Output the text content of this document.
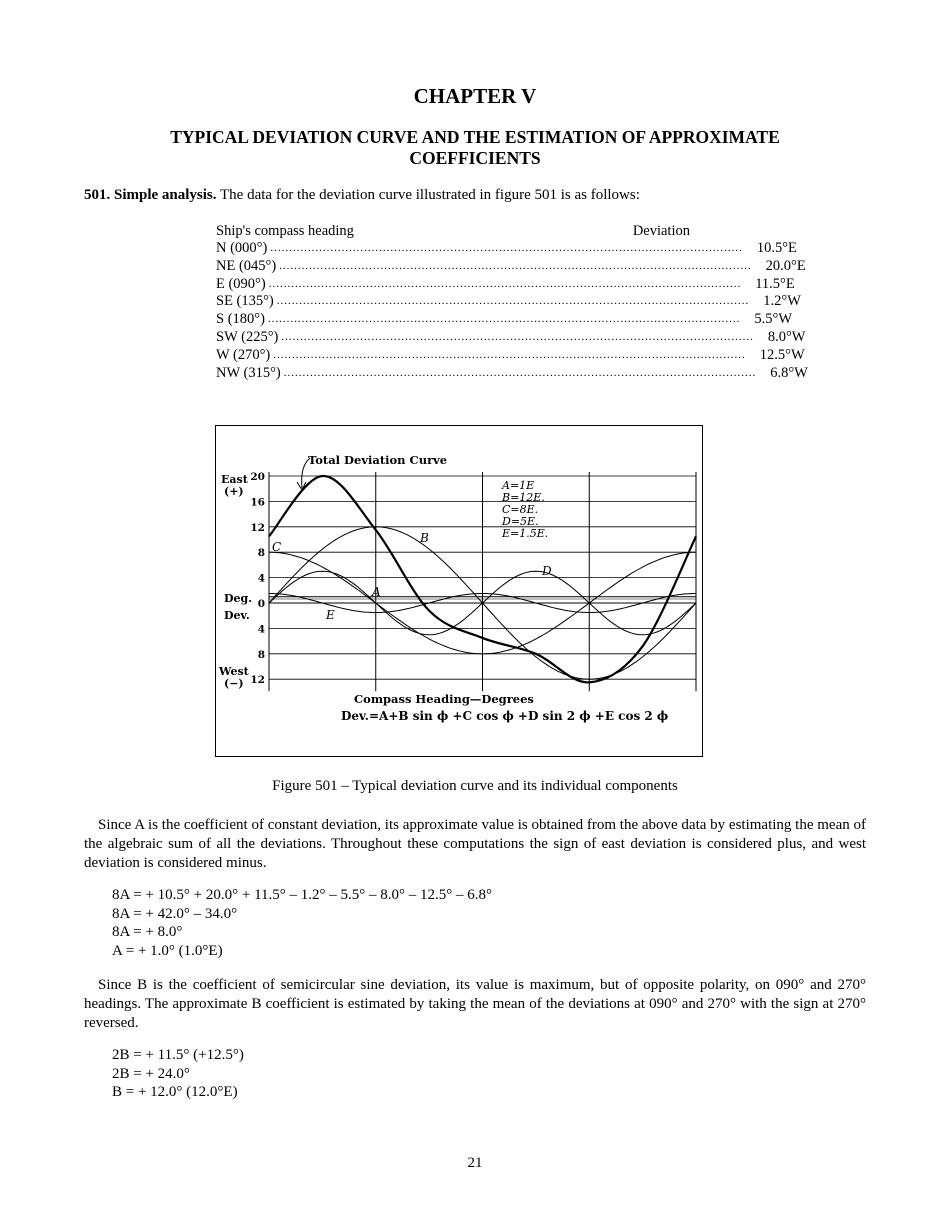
CHAPTER V
TYPICAL DEVIATION CURVE AND THE ESTIMATION OF APPROXIMATE COEFFICIENTS
501. Simple analysis. The data for the deviation curve illustrated in figure 501 is as follows:
Ship's compass heading	Deviation
N (000°) .............................................................................................................................. 10.5°E
NE (045°) .............................................................................................................................. 20.0°E
E (090°) .............................................................................................................................. 11.5°E
SE (135°) .............................................................................................................................. 1.2°W
S (180°) .............................................................................................................................. 5.5°W
SW (225°) .............................................................................................................................. 8.0°W
W (270°) .............................................................................................................................. 12.5°W
NW (315°) .............................................................................................................................. 6.8°W
East
(+)
Deg.
Dev.
West
(−)
20
16
12
8
4
0
4
8
12
Total Deviation Curve
A=1E
B=12E.
C=8E.
D=5E.
E=1.5E.
B
C
D
A
E
Compass Heading—Degrees
Dev.=A+B sin ϕ +C cos ϕ +D sin 2 ϕ +E cos 2 ϕ
Figure 501 – Typical deviation curve and its individual components
Since A is the coefficient of constant deviation, its approximate value is obtained from the above data by estimating the mean of the algebraic sum of all the deviations. Throughout these computations the sign of east deviation is considered plus, and west deviation is considered minus.
8A = + 10.5° + 20.0° + 11.5° – 1.2° – 5.5° – 8.0° – 12.5° – 6.8°
8A = + 42.0° – 34.0°
8A = + 8.0°
A = + 1.0° (1.0°E)
Since B is the coefficient of semicircular sine deviation, its value is maximum, but of opposite polarity, on 090° and 270° headings. The approximate B coefficient is estimated by taking the mean of the deviations at 090° and 270° with the sign at 270° reversed.
2B = + 11.5° (+12.5°)
2B = + 24.0°
B = + 12.0° (12.0°E)
21
